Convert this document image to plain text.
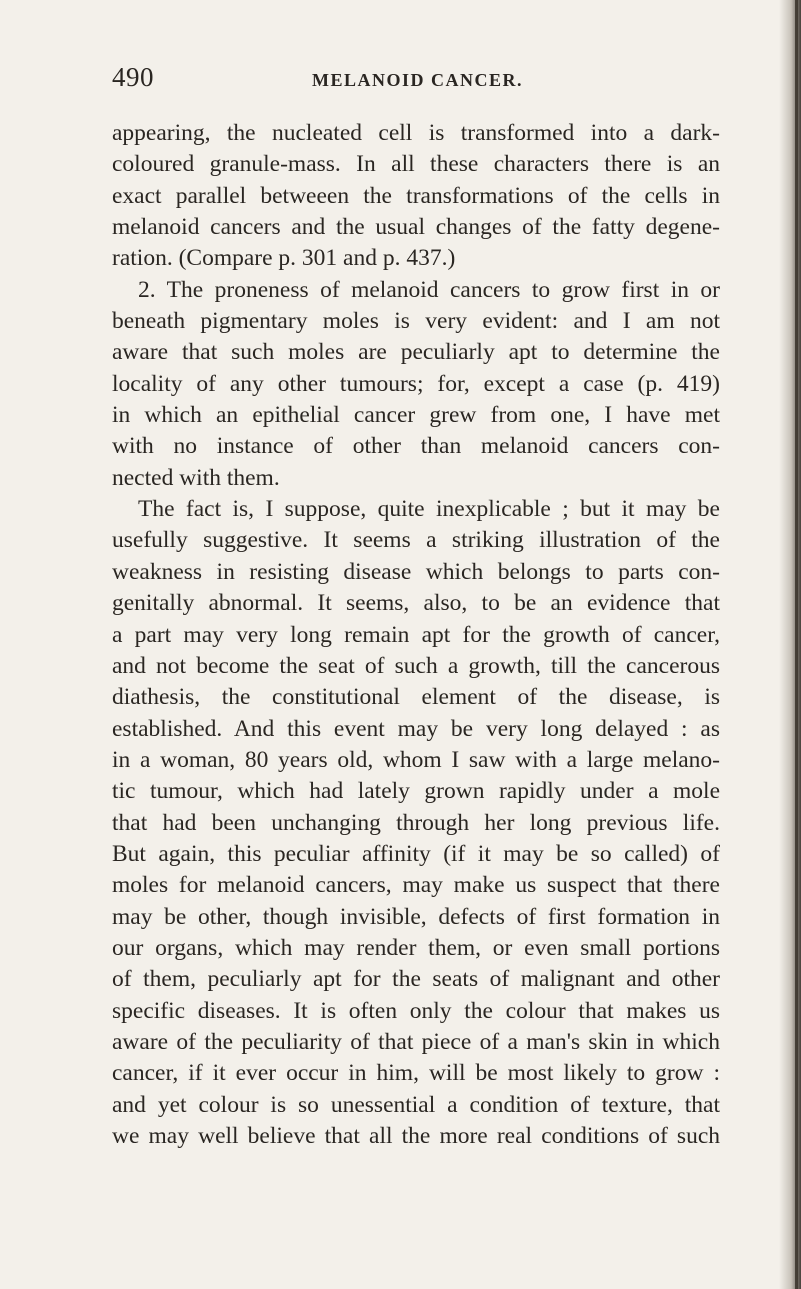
490	MELANOID CANCER.
appearing, the nucleated cell is transformed into a dark-
coloured granule-mass. In all these characters there is an
exact parallel betweeen the transformations of the cells in
melanoid cancers and the usual changes of the fatty degene-
ration. (Compare p. 301 and p. 437.)
2. The proneness of melanoid cancers to grow first in or
beneath pigmentary moles is very evident: and I am not
aware that such moles are peculiarly apt to determine the
locality of any other tumours; for, except a case (p. 419)
in which an epithelial cancer grew from one, I have met
with no instance of other than melanoid cancers con-
nected with them.
The fact is, I suppose, quite inexplicable ; but it may be
usefully suggestive. It seems a striking illustration of the
weakness in resisting disease which belongs to parts con-
genitally abnormal. It seems, also, to be an evidence that
a part may very long remain apt for the growth of cancer,
and not become the seat of such a growth, till the cancerous
diathesis, the constitutional element of the disease, is
established. And this event may be very long delayed : as
in a woman, 80 years old, whom I saw with a large melano-
tic tumour, which had lately grown rapidly under a mole
that had been unchanging through her long previous life.
But again, this peculiar affinity (if it may be so called) of
moles for melanoid cancers, may make us suspect that there
may be other, though invisible, defects of first formation in
our organs, which may render them, or even small portions
of them, peculiarly apt for the seats of malignant and other
specific diseases. It is often only the colour that makes us
aware of the peculiarity of that piece of a man's skin in which
cancer, if it ever occur in him, will be most likely to grow :
and yet colour is so unessential a condition of texture, that
we may well believe that all the more real conditions of such
